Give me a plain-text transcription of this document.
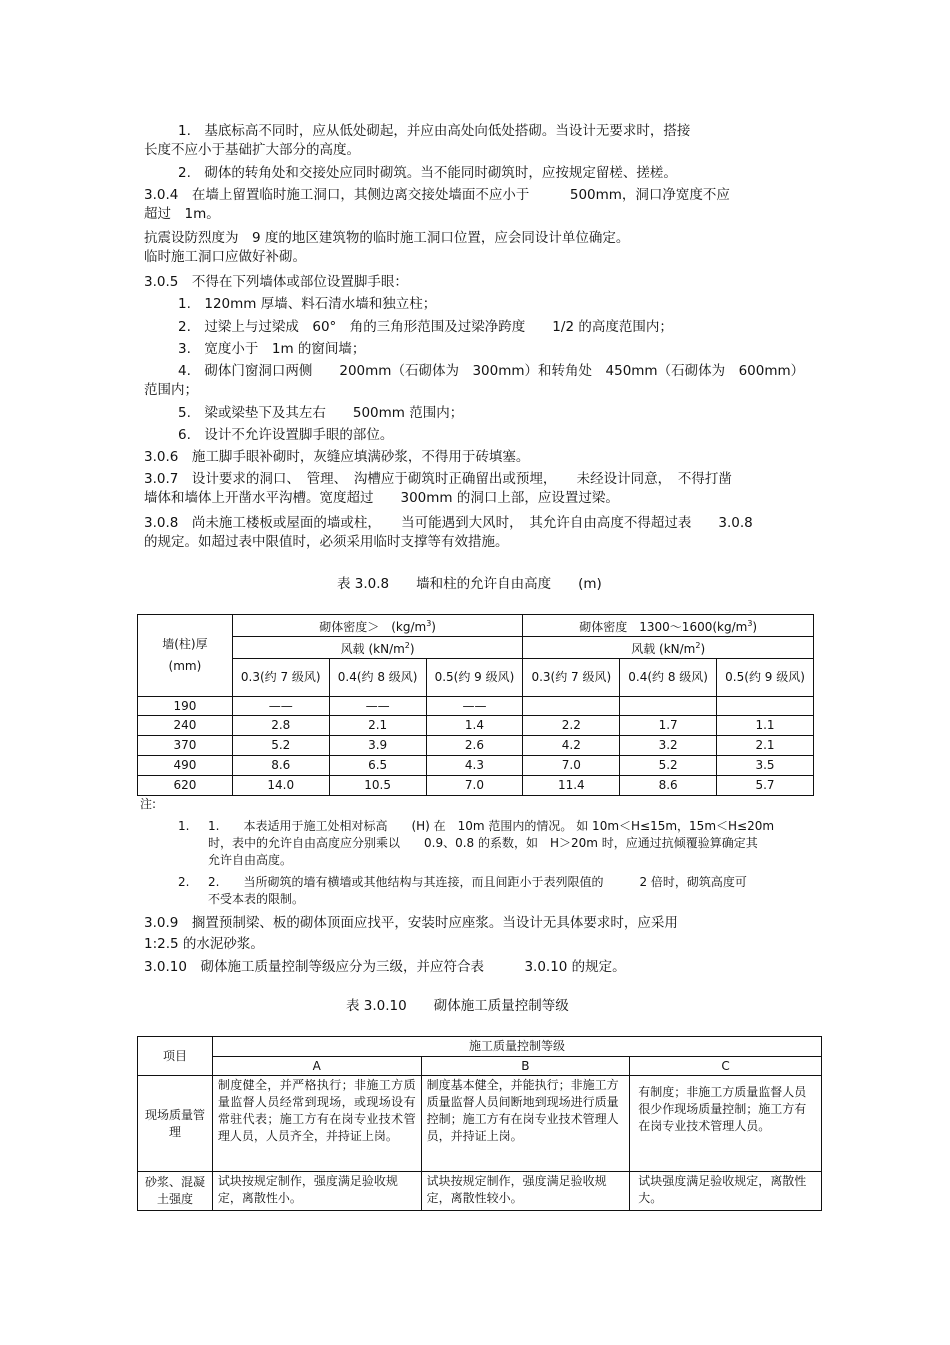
1.　基底标高不同时，应从低处砌起，并应由高处向低处搭砌。当设计无要求时，搭接
长度不应小于基础扩大部分的高度。
2.　砌体的转角处和交接处应同时砌筑。当不能同时砌筑时，应按规定留槎、搓槎。
3.0.4　在墙上留置临时施工洞口，其侧边离交接处墙面不应小于　　　500mm，洞口净宽度不应
超过　1m。
抗震设防烈度为　9 度的地区建筑物的临时施工洞口位置，应会同设计单位确定。
临时施工洞口应做好补砌。
3.0.5　不得在下列墙体或部位设置脚手眼：
1.　120mm 厚墙、料石清水墙和独立柱；
2.　过梁上与过梁成　60°　角的三角形范围及过梁净跨度　　1/2 的高度范围内；
3.　宽度小于　1m 的窗间墙；
4.　砌体门窗洞口两侧　　200mm（石砌体为　300mm）和转角处　450mm（石砌体为　600mm）
范围内；
5.　梁或梁垫下及其左右　　500mm 范围内；
6.　设计不允许设置脚手眼的部位。
3.0.6　施工脚手眼补砌时，灰缝应填满砂浆，不得用于砖填塞。
3.0.7　设计要求的洞口、　管理、　沟槽应于砌筑时正确留出或预埋，　　未经设计同意，　不得打凿
墙体和墙体上开凿水平沟槽。宽度超过　　300mm 的洞口上部，应设置过梁。
3.0.8　尚未施工楼板或屋面的墙或柱，　　当可能遇到大风时，　其允许自由高度不得超过表　　3.0.8
的规定。如超过表中限值时，必须采用临时支撑等有效措施。
表 3.0.8　　墙和柱的允许自由高度　　(m)
墙(柱)厚
(mm)	砌体密度＞　$(kg/m^3)$			砌体密度　$1300\sim 1600(kg/m^3)$		
	风载 $(kN/m^2)$			风载 $(kN/m^2)$		
	0.3(约 7 级风)	0.4(约 8 级风)	0.5(约 9 级风)	0.3(约 7 级风)	0.4(约 8 级风)	0.5(约 9 级风)
190	——	——	——			
240	2.8	2.1	1.4	2.2	1.7	1.1
370	5.2	3.9	2.6	4.2	3.2	2.1
490	8.6	6.5	4.3	7.0	5.2	3.5
620	14.0	10.5	7.0	11.4	8.6	5.7
注:
1. 1.　　本表适用于施工处相对标高　　(H) 在　10m 范围内的情况。 如 10m＜H≤15m，15m＜H≤20m
时，表中的允许自由高度应分别乘以　　0.9、0.8 的系数，如　H＞20m 时，应通过抗倾覆验算确定其
允许自由高度。
2. 2.　　当所砌筑的墙有横墙或其他结构与其连接，而且间距小于表列限值的　　　2 倍时，砌筑高度可
不受本表的限制。
3.0.9　搁置预制梁、板的砌体顶面应找平，安装时应座浆。当设计无具体要求时，应采用
1:2.5 的水泥砂浆。
3.0.10　砌体施工质量控制等级应分为三级，并应符合表　　　3.0.10 的规定。
表 3.0.10　　砌体施工质量控制等级
项目	施工质量控制等级		
	A	B	C
现场质量管理	制度健全，并严格执行；非施工方质量监督人员经常到现场，或现场设有常驻代表；施工方有在岗专业技术管理人员，人员齐全，并持证上岗。	制度基本健全，并能执行；非施工方质量监督人员间断地到现场进行质量控制；施工方有在岗专业技术管理人员，并持证上岗。	有制度；非施工方质量监督人员很少作现场质量控制；施工方有在岗专业技术管理人员。
砂浆、混凝土强度	试块按规定制作，强度满足验收规定，离散性小。	试块按规定制作，强度满足验收规定，离散性较小。	试块强度满足验收规定，离散性大。
